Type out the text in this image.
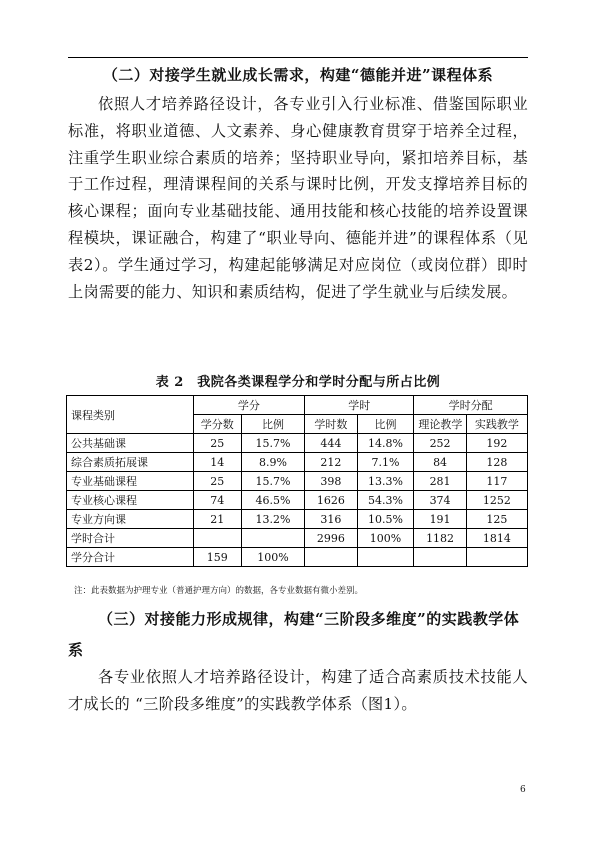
（二）对接学生就业成长需求，构建“德能并进”课程体系
依照人才培养路径设计，各专业引入行业标准、借鉴国际职业标准，将职业道德、人文素养、身心健康教育贯穿于培养全过程，注重学生职业综合素质的培养；坚持职业导向，紧扣培养目标，基于工作过程，理清课程间的关系与课时比例，开发支撑培养目标的核心课程；面向专业基础技能、通用技能和核心技能的培养设置课程模块，课证融合，构建了“职业导向、德能并进”的课程体系（见表2）。学生通过学习，构建起能够满足对应岗位（或岗位群）即时上岗需要的能力、知识和素质结构，促进了学生就业与后续发展。
表 2　我院各类课程学分和学时分配与所占比例
课程类别	学分		学时		学时分配	
	学分数	比例	学时数	比例	理论教学	实践教学
公共基础课	25	15.7%	444	14.8%	252	192
综合素质拓展课	14	8.9%	212	7.1%	84	128
专业基础课程	25	15.7%	398	13.3%	281	117
专业核心课程	74	46.5%	1626	54.3%	374	1252
专业方向课	21	13.2%	316	10.5%	191	125
学时合计			2996	100%	1182	1814
学分合计	159	100%				
注：此表数据为护理专业（普通护理方向）的数据，各专业数据有微小差别。
（三）对接能力形成规律，构建“三阶段多维度”的实践教学体系
各专业依照人才培养路径设计，构建了适合高素质技术技能人才成长的 “三阶段多维度”的实践教学体系（图1）。
6
